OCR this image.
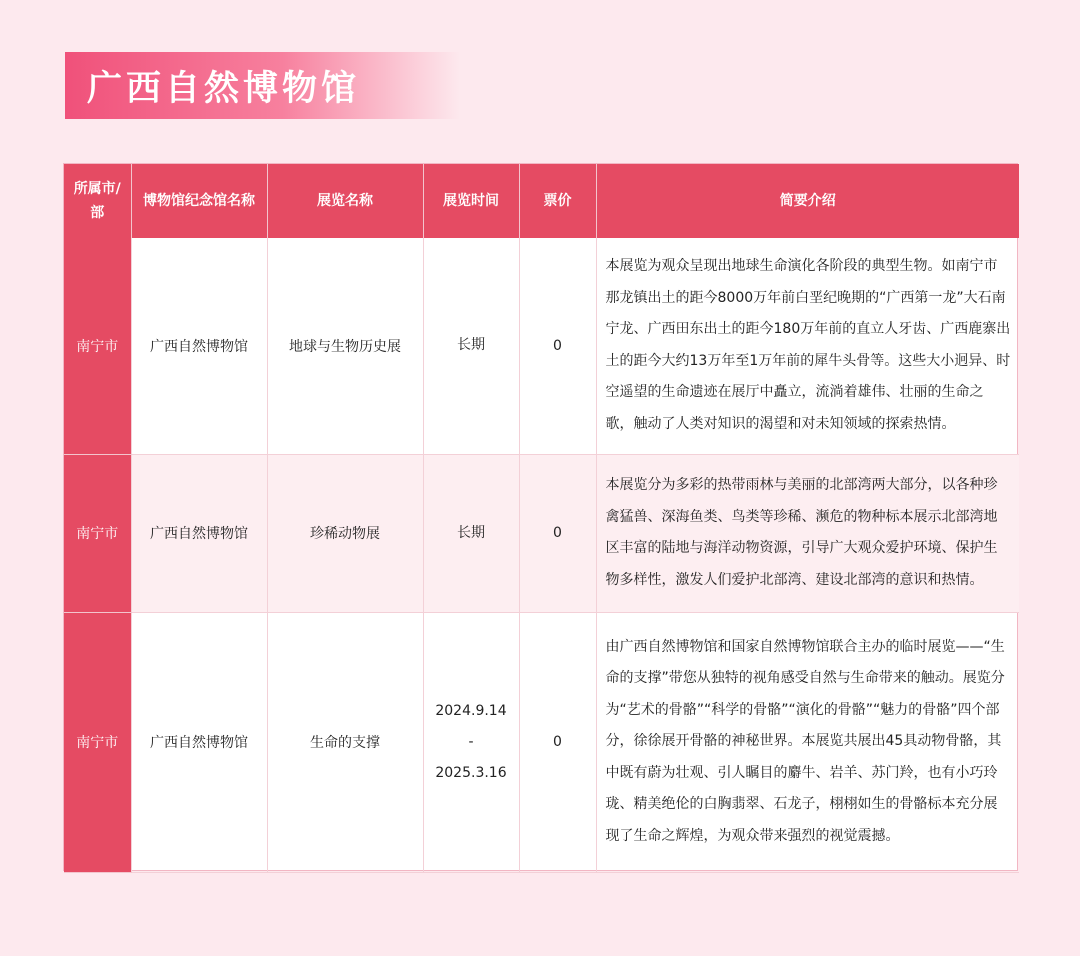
广西自然博物馆
所属市/部	博物馆纪念馆名称	展览名称	展览时间	票价	简要介绍
南宁市	广西自然博物馆	地球与生物历史展	长期	0	本展览为观众呈现出地球生命演化各阶段的典型生物。如南宁市那龙镇出土的距今8000万年前白垩纪晚期的“广西第一龙”大石南宁龙、广西田东出土的距今180万年前的直立人牙齿、广西鹿寨出土的距今大约13万年至1万年前的犀牛头骨等。这些大小迥异、时空遥望的生命遗迹在展厅中矗立，流淌着雄伟、壮丽的生命之歌，触动了人类对知识的渴望和对未知领域的探索热情。
南宁市	广西自然博物馆	珍稀动物展	长期	0	本展览分为多彩的热带雨林与美丽的北部湾两大部分，以各种珍禽猛兽、深海鱼类、鸟类等珍稀、濒危的物种标本展示北部湾地区丰富的陆地与海洋动物资源，引导广大观众爱护环境、保护生物多样性，激发人们爱护北部湾、建设北部湾的意识和热情。
南宁市	广西自然博物馆	生命的支撑	2024.9.14
-
2025.3.16	0	由广西自然博物馆和国家自然博物馆联合主办的临时展览——“生命的支撑”带您从独特的视角感受自然与生命带来的触动。展览分为“艺术的骨骼”“科学的骨骼”“演化的骨骼”“魅力的骨骼”四个部分，徐徐展开骨骼的神秘世界。本展览共展出45具动物骨骼，其中既有蔚为壮观、引人瞩目的麝牛、岩羊、苏门羚，也有小巧玲珑、精美绝伦的白胸翡翠、石龙子，栩栩如生的骨骼标本充分展现了生命之辉煌，为观众带来强烈的视觉震撼。
